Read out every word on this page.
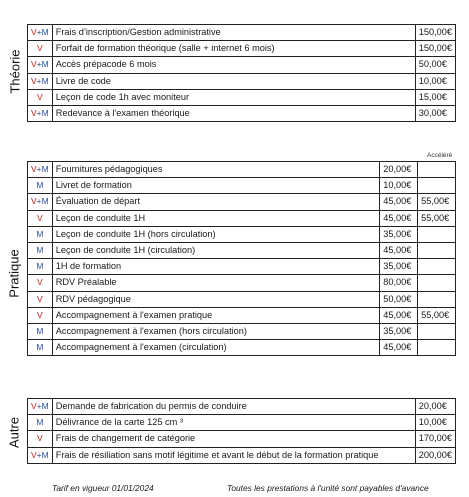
Théorie
V+M	Frais d’inscription/Gestion administrative	150,00€
V	Forfait de formation théorique (salle + internet 6 mois)	150,00€
V+M	Accès prépacode 6 mois	50,00€
V+M	Livre de code	10,00€
V	Leçon de code 1h avec moniteur	15,00€
V+M	Redevance à l'examen théorique	30,00€
Accéléré
Pratique
V+M	Fournitures pédagogiques	20,00€	
M	Livret de formation	10,00€	
V+M	Évaluation de départ	45,00€	55,00€
V	Leçon de conduite 1H	45,00€	55,00€
M	Leçon de conduite 1H (hors circulation)	35,00€	
M	Leçon de conduite 1H (circulation)	45,00€	
M	1H de formation	35,00€	
V	RDV Préalable	80,00€	
V	RDV pédagogique	50,00€	
V	Accompagnement à l'examen pratique	45,00€	55,00€
M	Accompagnement à l'examen (hors circulation)	35,00€	
M	Accompagnement à l'examen (circulation)	45,00€	
Autre
V+M	Demande de fabrication du permis de conduire	20,00€
M	Délivrance de la carte 125 cm ³	10,00€
V	Frais de changement de catégorie	170,00€
V+M	Frais de résiliation sans motif légitime et avant le début de la formation pratique	200,00€
Tarif en vigueur 01/01/2024	Toutes les prestations à l'unité sont payables d'avance
